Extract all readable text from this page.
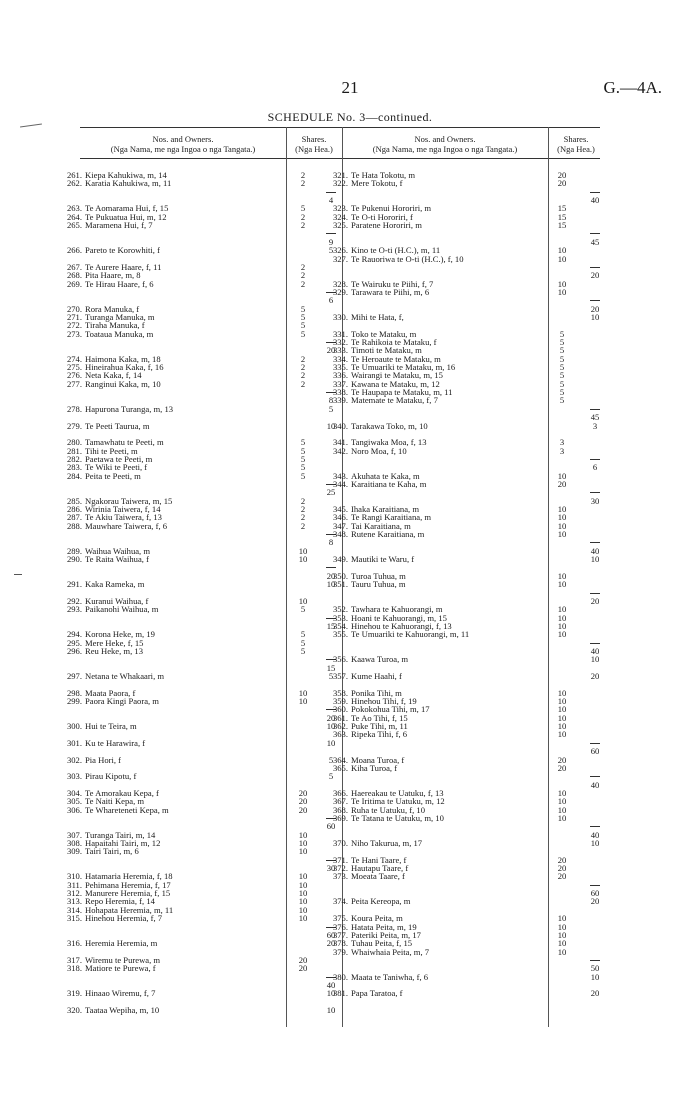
21	G.—4A.
SCHEDULE No. 3—continued.
Nos. and Owners.
(Nga Nama, me nga Ingoa o nga Tangata.)
Shares.
(Nga Hea.)
Nos. and Owners.
(Nga Nama, me nga Ingoa o nga Tangata.)
Shares.
(Nga Hea.)
261. Kiepa Kahukiwa, m, 14	2
262. Karatia Kahukiwa, m, 11	2
4
263. Te Aomarama Hui, f, 15	5
264. Te Pukuatua Hui, m, 12	2
265. Maramena Hui, f, 7	2
9
266. Pareto te Korowhiti, f	5
267. Te Aurere Haare, f, 11	2
268. Pita Haare, m, 8	2
269. Te Hirau Haare, f, 6	2
6
270. Rora Manuka, f	5
271. Turanga Manuka, m	5
272. Tiraha Manuka, f	5
273. Toataua Manuka, m	5
20
274. Haimona Kaka, m, 18	2
275. Hineirahua Kaka, f, 16	2
276. Neta Kaka, f, 14	2
277. Ranginui Kaka, m, 10	2
8
278. Hapurona Turanga, m, 13	5
279. Te Peeti Taurua, m	10
280. Tamawhatu te Peeti, m	5
281. Tihi te Peeti, m	5
282. Paetawa te Peeti, m	5
283. Te Wiki te Peeti, f	5
284. Peita te Peeti, m	5
25
285. Ngakorau Taiwera, m, 15	2
286. Wirinia Taiwera, f, 14	2
287. Te Akiu Taiwera, f, 13	2
288. Mauwhare Taiwera, f, 6	2
8
289. Waihua Waihua, m	10
290. Te Raita Waihua, f	10
20
291. Kaka Rameka, m	10
292. Kuranui Waihua, f	10
293. Paikanohi Waihua, m	5
15
294. Korona Heke, m, 19	5
295. Mere Heke, f, 15	5
296. Reu Heke, m, 13	5
15
297. Netana te Whakaari, m	5
298. Maata Paora, f	10
299. Paora Kingi Paora, m	10
20
300. Hui te Teira, m	10
301. Ku te Harawira, f	10
302. Pia Hori, f	5
303. Pirau Kipotu, f	5
304. Te Amorakau Kepa, f	20
305. Te Naiti Kepa, m	20
306. Te Whareteneti Kepa, m	20
60
307. Turanga Tairi, m, 14	10
308. Hapaitahi Tairi, m, 12	10
309. Tairi Tairi, m, 6	10
30
310. Hatamaria Heremia, f, 18	10
311. Pehimana Heremia, f, 17	10
312. Manurere Heremia, f, 15	10
313. Repo Heremia, f, 14	10
314. Hohapata Heremia, m, 11	10
315. Hinehou Heremia, f, 7	10
60
316. Heremia Heremia, m	20
317. Wiremu te Purewa, m	20
318. Matiore te Purewa, f	20
40
319. Hinaao Wiremu, f, 7	10
320. Taataa Wepiha, m, 10	10
321. Te Hata Tokotu, m	20
322. Mere Tokotu, f	20
40
323. Te Pukenui Hororiri, m	15
324. Te O-ti Hororiri, f	15
325. Paratene Hororiri, m	15
45
326. Kino te O-ti (H.C.), m, 11	10
327. Te Rauoriwa te O-ti (H.C.), f, 10	10
20
328. Te Wairuku te Piihi, f, 7	10
329. Tarawara te Piihi, m, 6	10
20
330. Mihi te Hata, f,	10
331. Toko te Mataku, m	5
332. Te Rahikoia te Mataku, f	5
333. Timoti te Mataku, m	5
334. Te Heroaute te Mataku, m	5
335. Te Umuariki te Mataku, m, 16	5
336. Wairangi te Mataku, m, 15	5
337. Kawana te Mataku, m, 12	5
338. Te Haupapa te Mataku, m, 11	5
339. Matemate te Mataku, f, 7	5
45
340. Tarakawa Toko, m, 10	3
341. Tangiwaka Moa, f, 13	3
342. Noro Moa, f, 10	3
6
343. Akuhata te Kaka, m	10
344. Karaitiana te Kaha, m	20
30
345. Ihaka Karaitiana, m	10
346. Te Rangi Karaitiana, m	10
347. Tai Karaitiana, m	10
348. Rutene Karaitiana, m	10
40
349. Mautiki te Waru, f	10
350. Turoa Tuhua, m	10
351. Tauru Tuhua, m	10
20
352. Tawhara te Kahuorangi, m	10
353. Hoani te Kahuorangi, m, 15	10
354. Hinehou te Kahuorangi, f, 13	10
355. Te Umuariki te Kahuorangi, m, 11	10
40
356. Kaawa Turoa, m	10
357. Kume Haahi, f	20
358. Ponika Tihi, m	10
359. Hinehou Tihi, f, 19	10
360. Pokokohua Tihi, m, 17	10
361. Te Ao Tihi, f, 15	10
362. Puke Tihi, m, 11	10
363. Ripeka Tihi, f, 6	10
60
364. Moana Turoa, f	20
365. Kiha Turoa, f	20
40
366. Haereakau te Uatuku, f, 13	10
367. Te Iritima te Uatuku, m, 12	10
368. Ruha te Uatuku, f, 10	10
369. Te Tatana te Uatuku, m, 10	10
40
370. Niho Takurua, m, 17	10
371. Te Hani Taare, f	20
372. Hautapu Taare, f	20
373. Moeata Taare, f	20
60
374. Peita Kereopa, m	20
375. Koura Peita, m	10
376. Hatata Peita, m, 19	10
377. Pateriki Peita, m, 17	10
378. Tuhau Peita, f, 15	10
379. Whaiwhaia Peita, m, 7	10
50
380. Maata te Taniwha, f, 6	10
381. Papa Taratoa, f	20
